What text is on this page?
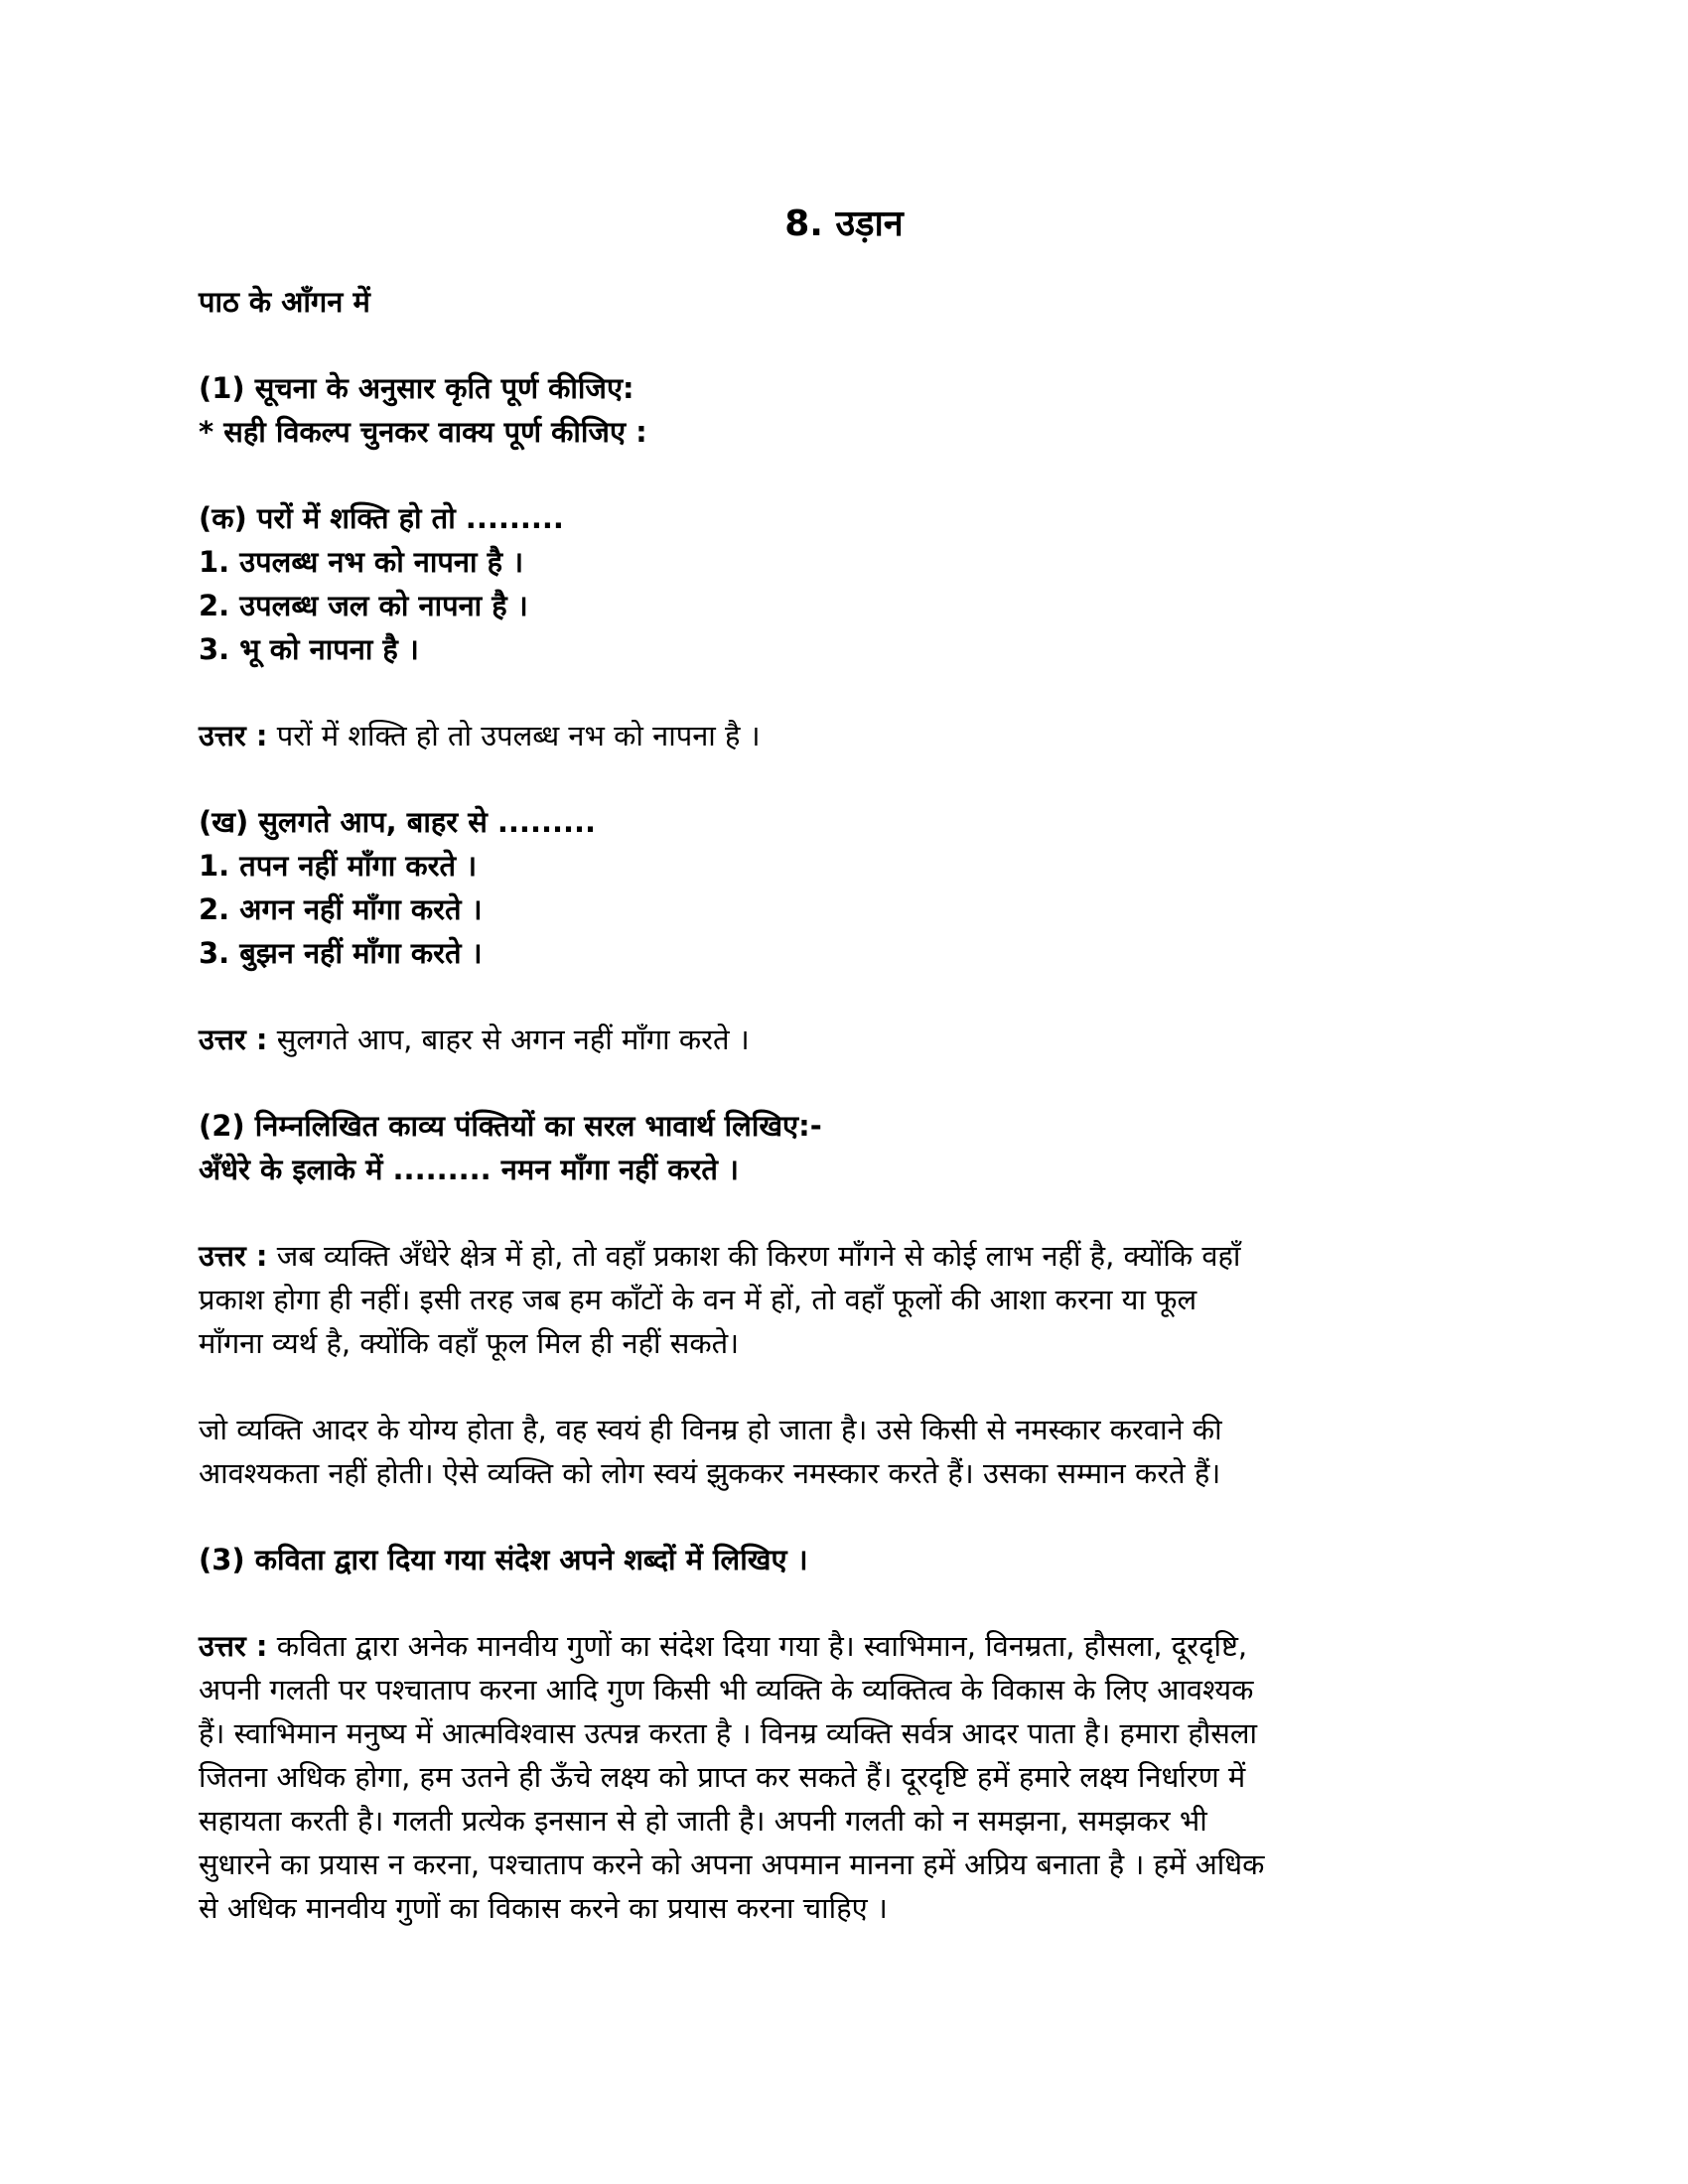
8. उड़ान
पाठ के आँगन में
(1) सूचना के अनुसार कृति पूर्ण कीजिए:
* सही विकल्प चुनकर वाक्य पूर्ण कीजिए :
(क) परों में शक्ति हो तो .........
1. उपलब्ध नभ को नापना है ।
2. उपलब्ध जल को नापना है ।
3. भू को नापना है ।
उत्तर : परों में शक्ति हो तो उपलब्ध नभ को नापना है ।
(ख) सुलगते आप, बाहर से .........
1. तपन नहीं माँगा करते ।
2. अगन नहीं माँगा करते ।
3. बुझन नहीं माँगा करते ।
उत्तर : सुलगते आप, बाहर से अगन नहीं माँगा करते ।
(2) निम्नलिखित काव्य पंक्तियों का सरल भावार्थ लिखिए:-
अँधेरे के इलाके में ......... नमन माँगा नहीं करते ।
उत्तर : जब व्यक्ति अँधेरे क्षेत्र में हो, तो वहाँ प्रकाश की किरण माँगने से कोई लाभ नहीं है, क्योंकि वहाँ
प्रकाश होगा ही नहीं। इसी तरह जब हम काँटों के वन में हों, तो वहाँ फूलों की आशा करना या फूल
माँगना व्यर्थ है, क्योंकि वहाँ फूल मिल ही नहीं सकते।
जो व्यक्ति आदर के योग्य होता है, वह स्वयं ही विनम्र हो जाता है। उसे किसी से नमस्कार करवाने की
आवश्यकता नहीं होती। ऐसे व्यक्ति को लोग स्वयं झुककर नमस्कार करते हैं। उसका सम्मान करते हैं।
(3) कविता द्वारा दिया गया संदेश अपने शब्दों में लिखिए ।
उत्तर : कविता द्वारा अनेक मानवीय गुणों का संदेश दिया गया है। स्वाभिमान, विनम्रता, हौसला, दूरदृष्टि,
अपनी गलती पर पश्चाताप करना आदि गुण किसी भी व्यक्ति के व्यक्तित्व के विकास के लिए आवश्यक
हैं। स्वाभिमान मनुष्य में आत्मविश्वास उत्पन्न करता है । विनम्र व्यक्ति सर्वत्र आदर पाता है। हमारा हौसला
जितना अधिक होगा, हम उतने ही ऊँचे लक्ष्य को प्राप्त कर सकते हैं। दूरदृष्टि हमें हमारे लक्ष्य निर्धारण में
सहायता करती है। गलती प्रत्येक इनसान से हो जाती है। अपनी गलती को न समझना, समझकर भी
सुधारने का प्रयास न करना, पश्चाताप करने को अपना अपमान मानना हमें अप्रिय बनाता है । हमें अधिक
से अधिक मानवीय गुणों का विकास करने का प्रयास करना चाहिए ।
